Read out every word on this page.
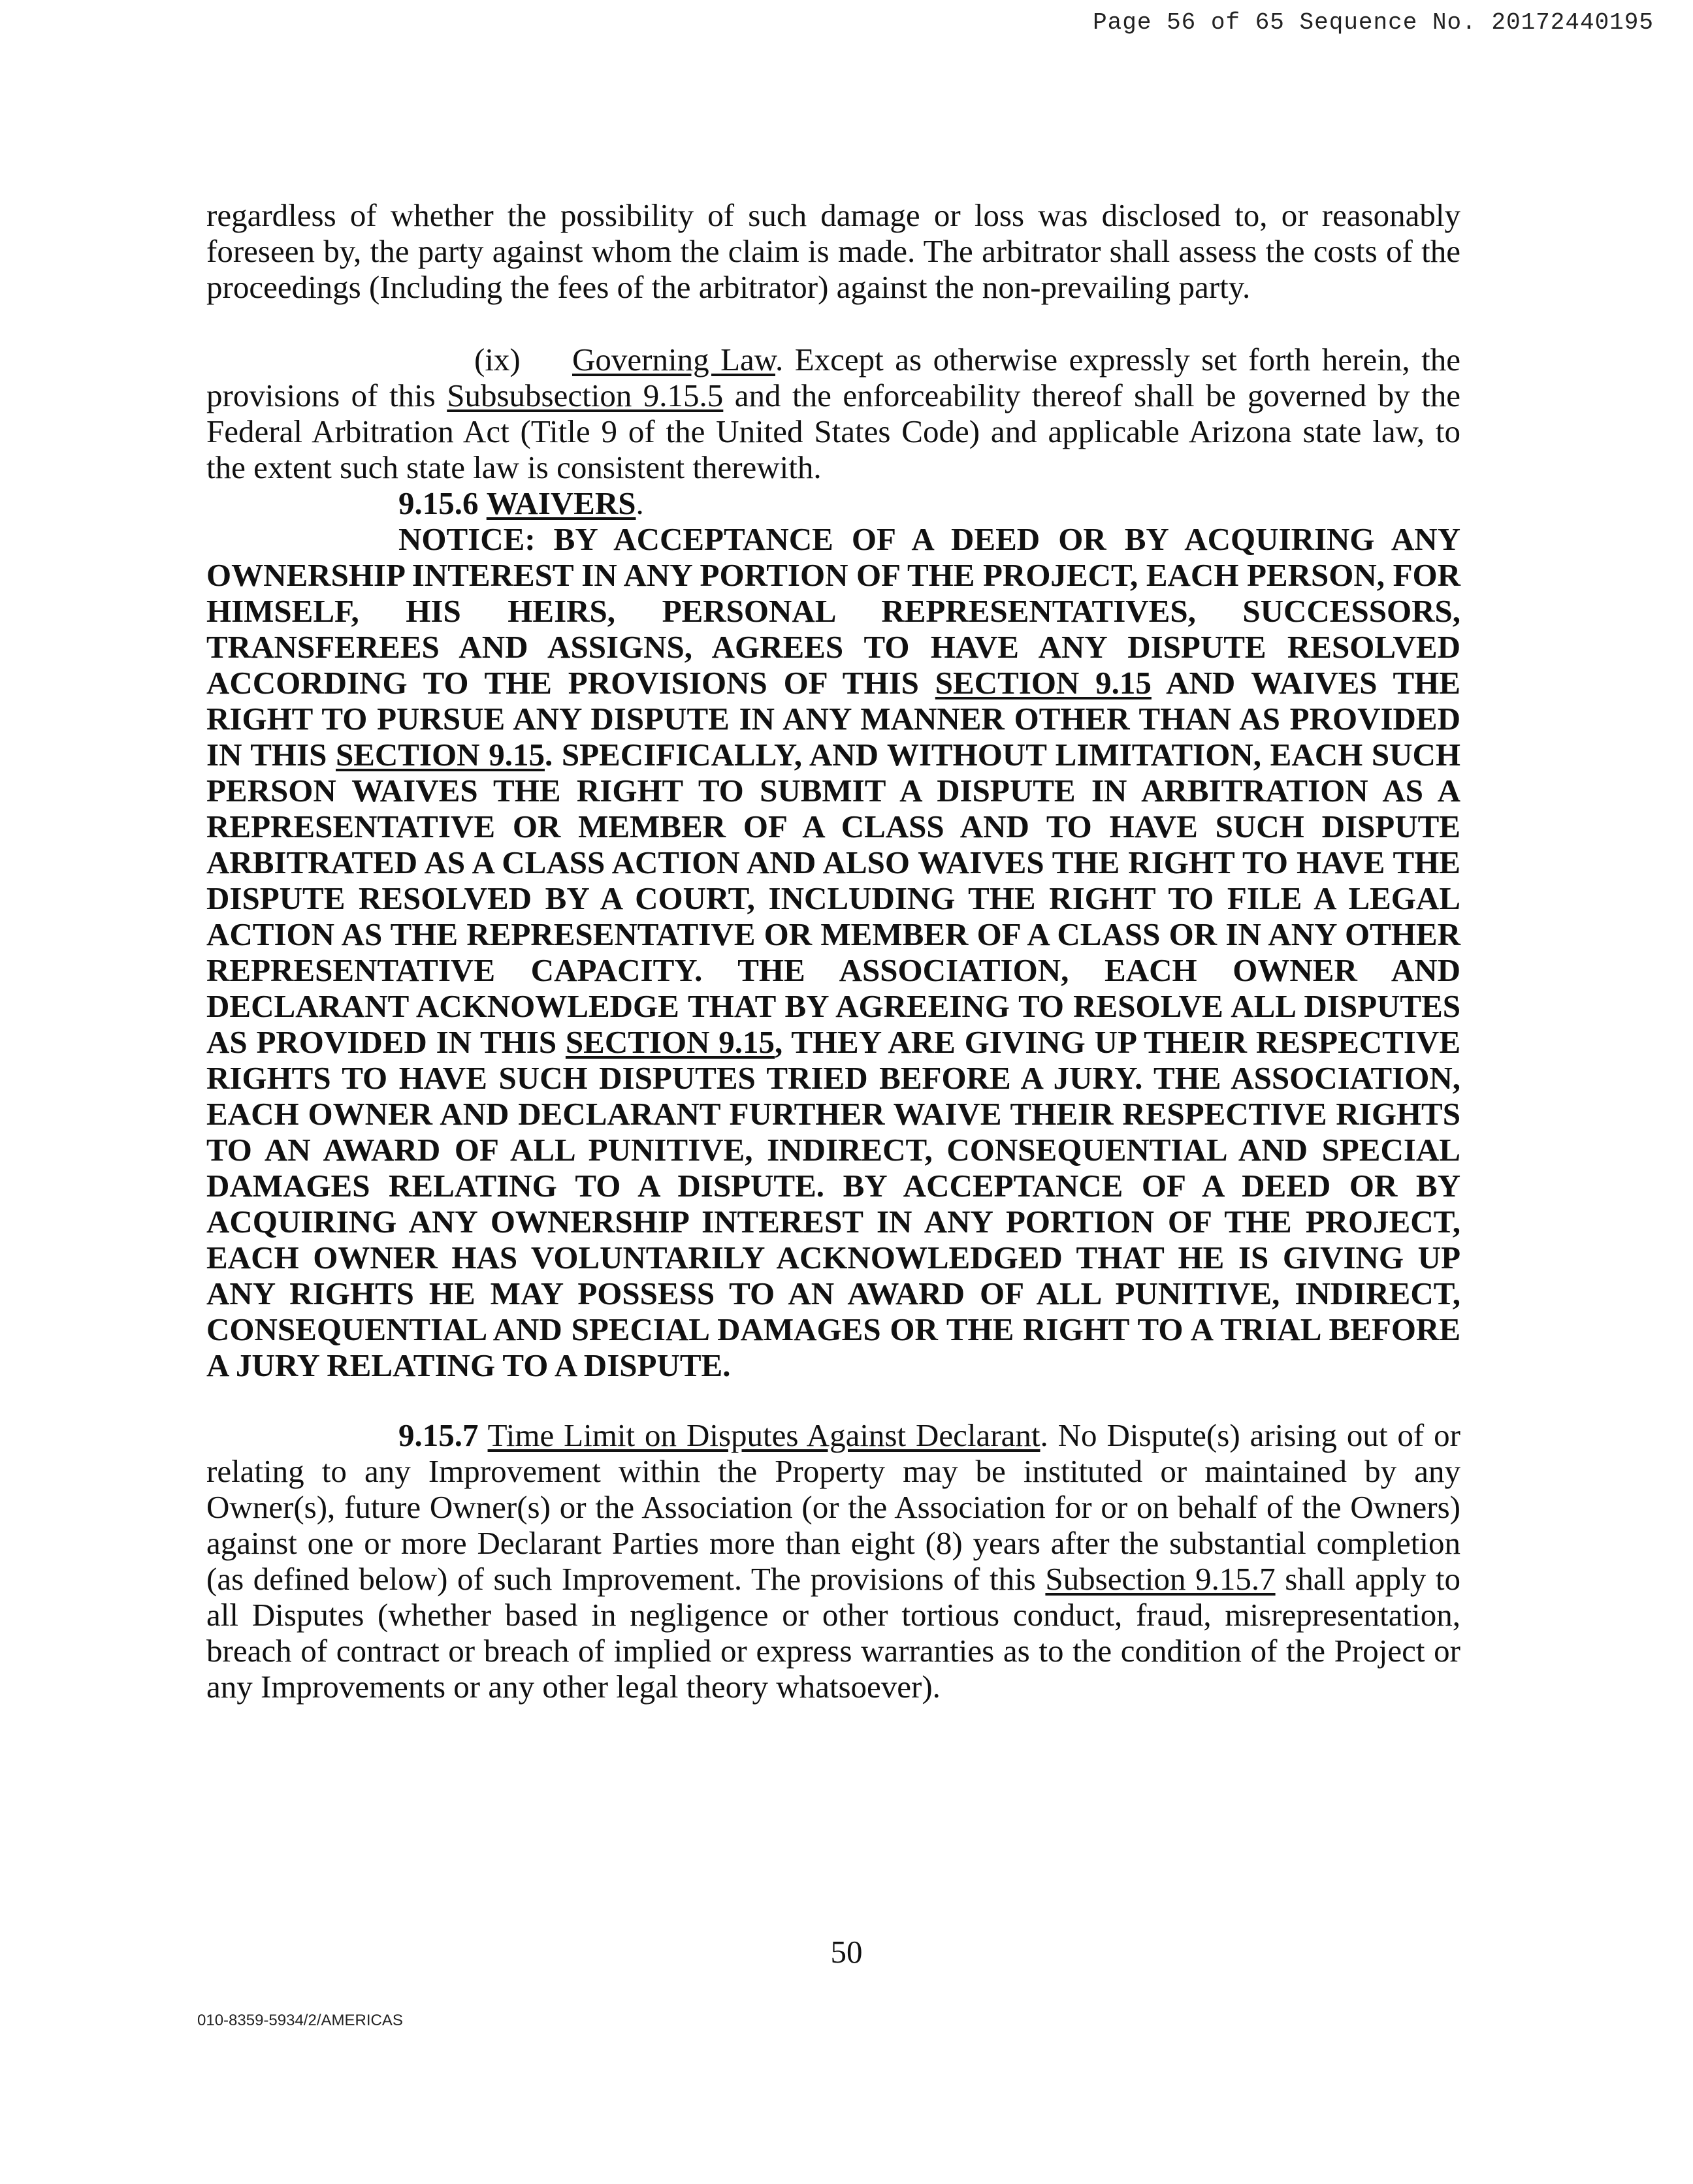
Page 56 of 65 Sequence No. 20172440195

regardless of whether the possibility of such damage or loss was disclosed to, or reasonably foreseen by, the party against whom the claim is made. The arbitrator shall assess the costs of the proceedings (Including the fees of the arbitrator) against the non-prevailing party.

(ix) Governing Law. Except as otherwise expressly set forth herein, the provisions of this Subsubsection 9.15.5 and the enforceability thereof shall be governed by the Federal Arbitration Act (Title 9 of the United States Code) and applicable Arizona state law, to the extent such state law is consistent therewith.

9.15.6 WAIVERS.

NOTICE: BY ACCEPTANCE OF A DEED OR BY ACQUIRING ANY OWNERSHIP INTEREST IN ANY PORTION OF THE PROJECT, EACH PERSON, FOR HIMSELF, HIS HEIRS, PERSONAL REPRESENTATIVES, SUCCESSORS, TRANSFEREES AND ASSIGNS, AGREES TO HAVE ANY DISPUTE RESOLVED ACCORDING TO THE PROVISIONS OF THIS SECTION 9.15 AND WAIVES THE RIGHT TO PURSUE ANY DISPUTE IN ANY MANNER OTHER THAN AS PROVIDED IN THIS SECTION 9.15. SPECIFICALLY, AND WITHOUT LIMITATION, EACH SUCH PERSON WAIVES THE RIGHT TO SUBMIT A DISPUTE IN ARBITRATION AS A REPRESENTATIVE OR MEMBER OF A CLASS AND TO HAVE SUCH DISPUTE ARBITRATED AS A CLASS ACTION AND ALSO WAIVES THE RIGHT TO HAVE THE DISPUTE RESOLVED BY A COURT, INCLUDING THE RIGHT TO FILE A LEGAL ACTION AS THE REPRESENTATIVE OR MEMBER OF A CLASS OR IN ANY OTHER REPRESENTATIVE CAPACITY. THE ASSOCIATION, EACH OWNER AND DECLARANT ACKNOWLEDGE THAT BY AGREEING TO RESOLVE ALL DISPUTES AS PROVIDED IN THIS SECTION 9.15, THEY ARE GIVING UP THEIR RESPECTIVE RIGHTS TO HAVE SUCH DISPUTES TRIED BEFORE A JURY. THE ASSOCIATION, EACH OWNER AND DECLARANT FURTHER WAIVE THEIR RESPECTIVE RIGHTS TO AN AWARD OF ALL PUNITIVE, INDIRECT, CONSEQUENTIAL AND SPECIAL DAMAGES RELATING TO A DISPUTE. BY ACCEPTANCE OF A DEED OR BY ACQUIRING ANY OWNERSHIP INTEREST IN ANY PORTION OF THE PROJECT, EACH OWNER HAS VOLUNTARILY ACKNOWLEDGED THAT HE IS GIVING UP ANY RIGHTS HE MAY POSSESS TO AN AWARD OF ALL PUNITIVE, INDIRECT, CONSEQUENTIAL AND SPECIAL DAMAGES OR THE RIGHT TO A TRIAL BEFORE A JURY RELATING TO A DISPUTE.

9.15.7 Time Limit on Disputes Against Declarant. No Dispute(s) arising out of or relating to any Improvement within the Property may be instituted or maintained by any Owner(s), future Owner(s) or the Association (or the Association for or on behalf of the Owners) against one or more Declarant Parties more than eight (8) years after the substantial completion (as defined below) of such Improvement. The provisions of this Subsection 9.15.7 shall apply to all Disputes (whether based in negligence or other tortious conduct, fraud, misrepresentation, breach of contract or breach of implied or express warranties as to the condition of the Project or any Improvements or any other legal theory whatsoever).

50
010-8359-5934/2/AMERICAS
